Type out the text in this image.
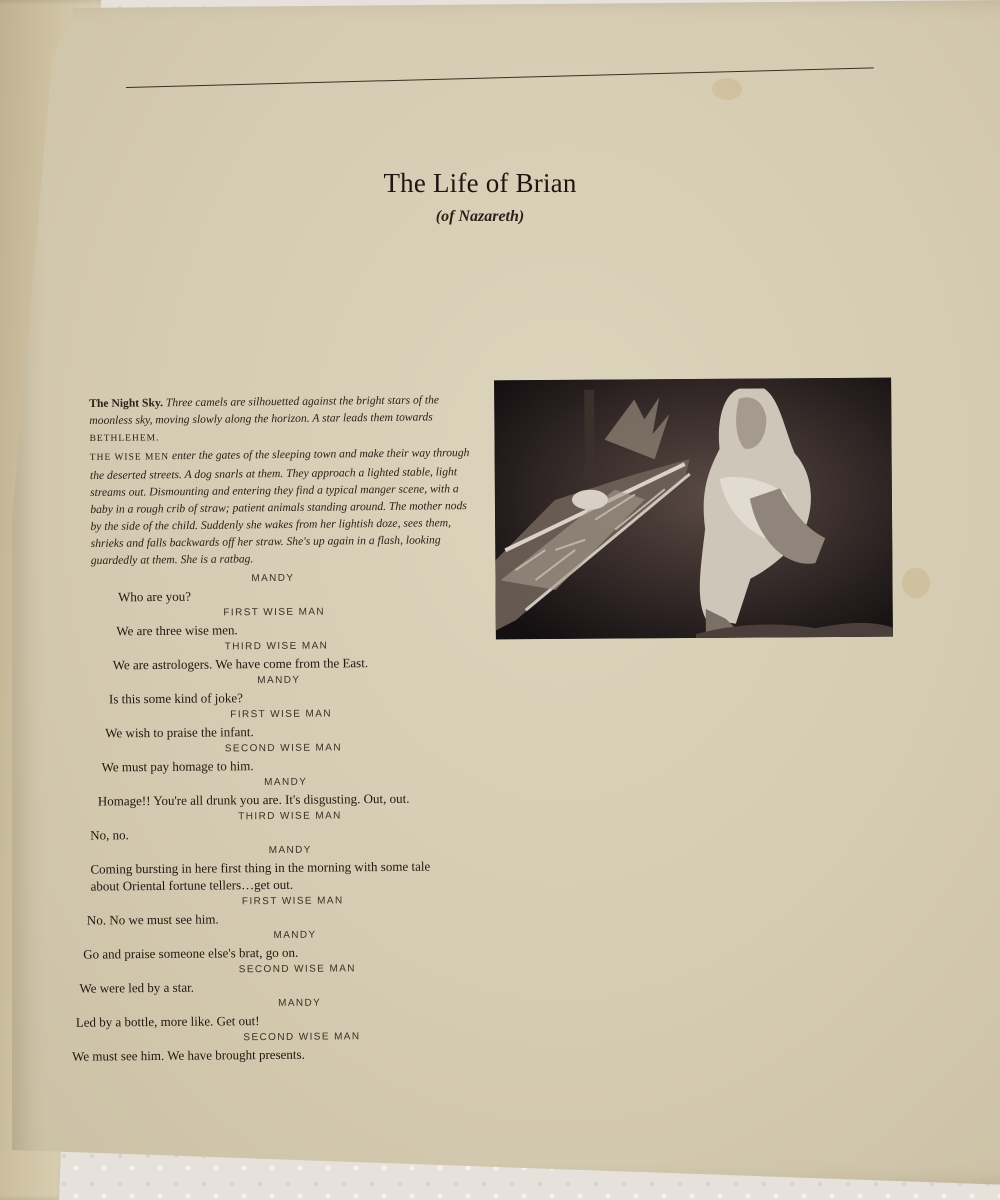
The Life of Brian

(of Nazareth)

The Night Sky. Three camels are silhouetted against the bright stars of the moonless sky, moving slowly along the horizon. A star leads them towards BETHLEHEM.

THE WISE MEN enter the gates of the sleeping town and make their way through the deserted streets. A dog snarls at them. They approach a lighted stable, light streams out. Dismounting and entering they find a typical manger scene, with a baby in a rough crib of straw; patient animals standing around. The mother nods by the side of the child. Suddenly she wakes from her lightish doze, sees them, shrieks and falls backwards off her straw. She's up again in a flash, looking guardedly at them. She is a ratbag.

MANDY
Who are you?
FIRST WISE MAN
We are three wise men.
THIRD WISE MAN
We are astrologers. We have come from the East.
MANDY
Is this some kind of joke?
FIRST WISE MAN
We wish to praise the infant.
SECOND WISE MAN
We must pay homage to him.
MANDY
Homage!! You're all drunk you are. It's disgusting. Out, out.
THIRD WISE MAN
No, no.
MANDY
Coming bursting in here first thing in the morning with some tale about Oriental fortune tellers…get out.
FIRST WISE MAN
No. No we must see him.
MANDY
Go and praise someone else's brat, go on.
SECOND WISE MAN
We were led by a star.
MANDY
Led by a bottle, more like. Get out!
SECOND WISE MAN
We must see him. We have brought presents.
